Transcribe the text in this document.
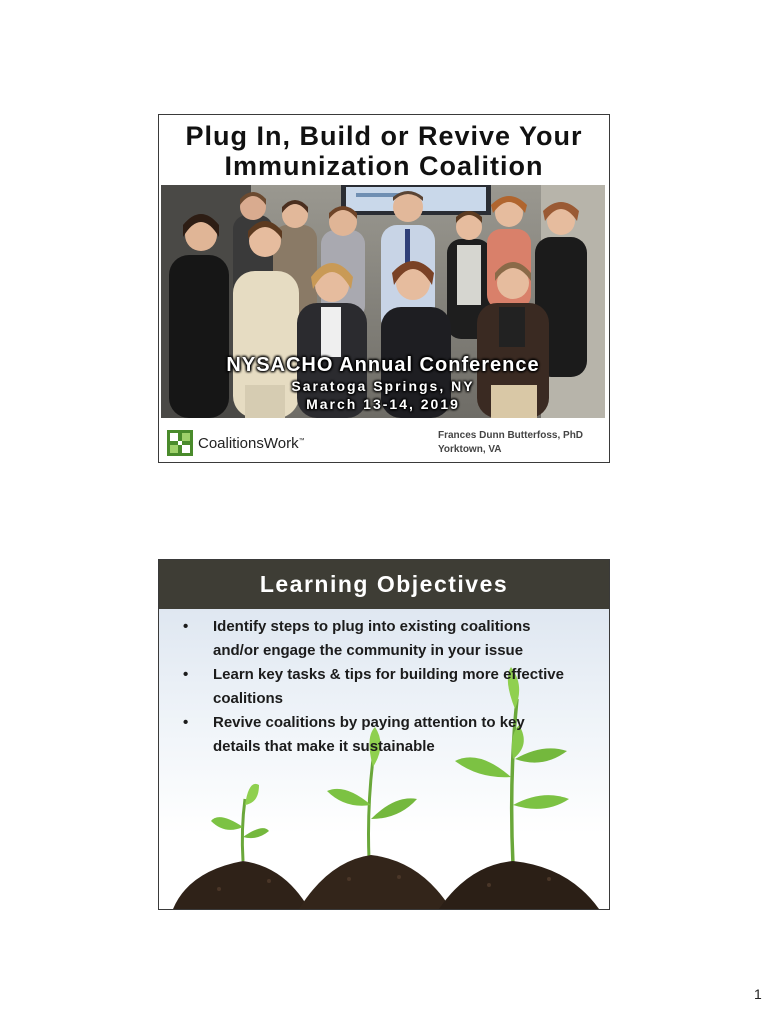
Plug In, Build or Revive Your
Immunization Coalition
NYSACHO Annual Conference
Saratoga Springs, NY
March 13-14, 2019
CoalitionsWork™	Frances Dunn Butterfoss, PhD
Yorktown, VA
Learning Objectives
• Identify steps to plug into existing coalitions
and/or engage the community in your issue
• Learn key tasks & tips for building more effective
coalitions
• Revive coalitions by paying attention to key
details that make it sustainable
1
